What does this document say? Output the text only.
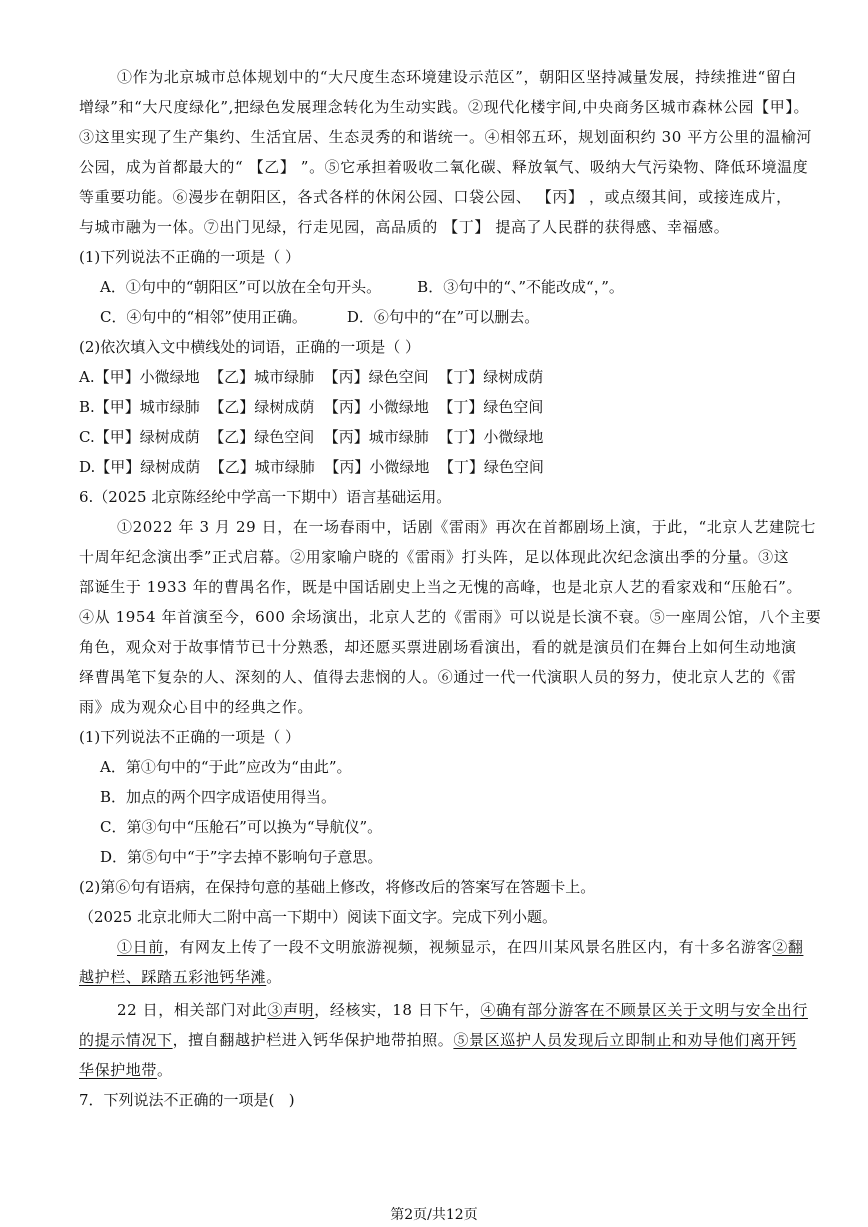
①作为北京城市总体规划中的“大尺度生态环境建设示范区”，朝阳区坚持减量发展，持续推进“留白
增绿”和“大尺度绿化”,把绿色发展理念转化为生动实践。②现代化楼宇间,中央商务区城市森林公园【甲】。
③这里实现了生产集约、生活宜居、生态灵秀的和谐统一。④相邻五环，规划面积约 30 平方公里的温榆河
公园，成为首都最大的“ 【乙】 ”。⑤它承担着吸收二氧化碳、释放氧气、吸纳大气污染物、降低环境温度
等重要功能。⑥漫步在朝阳区，各式各样的休闲公园、口袋公园、 【丙】 ，或点缀其间，或接连成片，
与城市融为一体。⑦出门见绿，行走见园，高品质的 【丁】 提高了人民群的获得感、幸福感。
(1)下列说法不正确的一项是（ ）
A．①句中的“朝阳区”可以放在全句开头。 B．③句中的“、”不能改成“，”。
C．④句中的“相邻”使用正确。	D．⑥句中的“在”可以删去。
(2)依次填入文中横线处的词语，正确的一项是（ ）
A.【甲】小微绿地  【乙】城市绿肺  【丙】绿色空间  【丁】绿树成荫
B.【甲】城市绿肺  【乙】绿树成荫  【丙】小微绿地  【丁】绿色空间
C.【甲】绿树成荫  【乙】绿色空间  【丙】城市绿肺  【丁】小微绿地
D.【甲】绿树成荫  【乙】城市绿肺  【丙】小微绿地  【丁】绿色空间
6.（2025 北京陈经纶中学高一下期中）语言基础运用。
①2022 年 3 月 29 日，在一场春雨中，话剧《雷雨》再次在首都剧场上演，于此，“北京人艺建院七
十周年纪念演出季”正式启幕。②用家喻户晓的《雷雨》打头阵，足以体现此次纪念演出季的分量。③这
部诞生于 1933 年的曹禺名作，既是中国话剧史上当之无愧的高峰，也是北京人艺的看家戏和“压舱石”。
④从 1954 年首演至今，600 余场演出，北京人艺的《雷雨》可以说是长演不衰。⑤一座周公馆，八个主要
角色，观众对于故事情节已十分熟悉，却还愿买票进剧场看演出，看的就是演员们在舞台上如何生动地演
绎曹禺笔下复杂的人、深刻的人、值得去悲悯的人。⑥通过一代一代演职人员的努力，使北京人艺的《雷
雨》成为观众心目中的经典之作。
(1)下列说法不正确的一项是（ ）
A．第①句中的“于此”应改为“由此”。
B．加点的两个四字成语使用得当。
C．第③句中“压舱石”可以换为“导航仪”。
D．第⑤句中“于”字去掉不影响句子意思。
(2)第⑥句有语病，在保持句意的基础上修改，将修改后的答案写在答题卡上。
（2025 北京北师大二附中高一下期中）阅读下面文字。完成下列小题。
①日前，有网友上传了一段不文明旅游视频，视频显示，在四川某风景名胜区内，有十多名游客②翻
越护栏、踩踏五彩池钙华滩。
22 日，相关部门对此③声明，经核实，18 日下午，④确有部分游客在不顾景区关于文明与安全出行
的提示情况下，擅自翻越护栏进入钙华保护地带拍照。⑤景区巡护人员发现后立即制止和劝导他们离开钙
华保护地带。
7．下列说法不正确的一项是(   )
第2页/共12页
